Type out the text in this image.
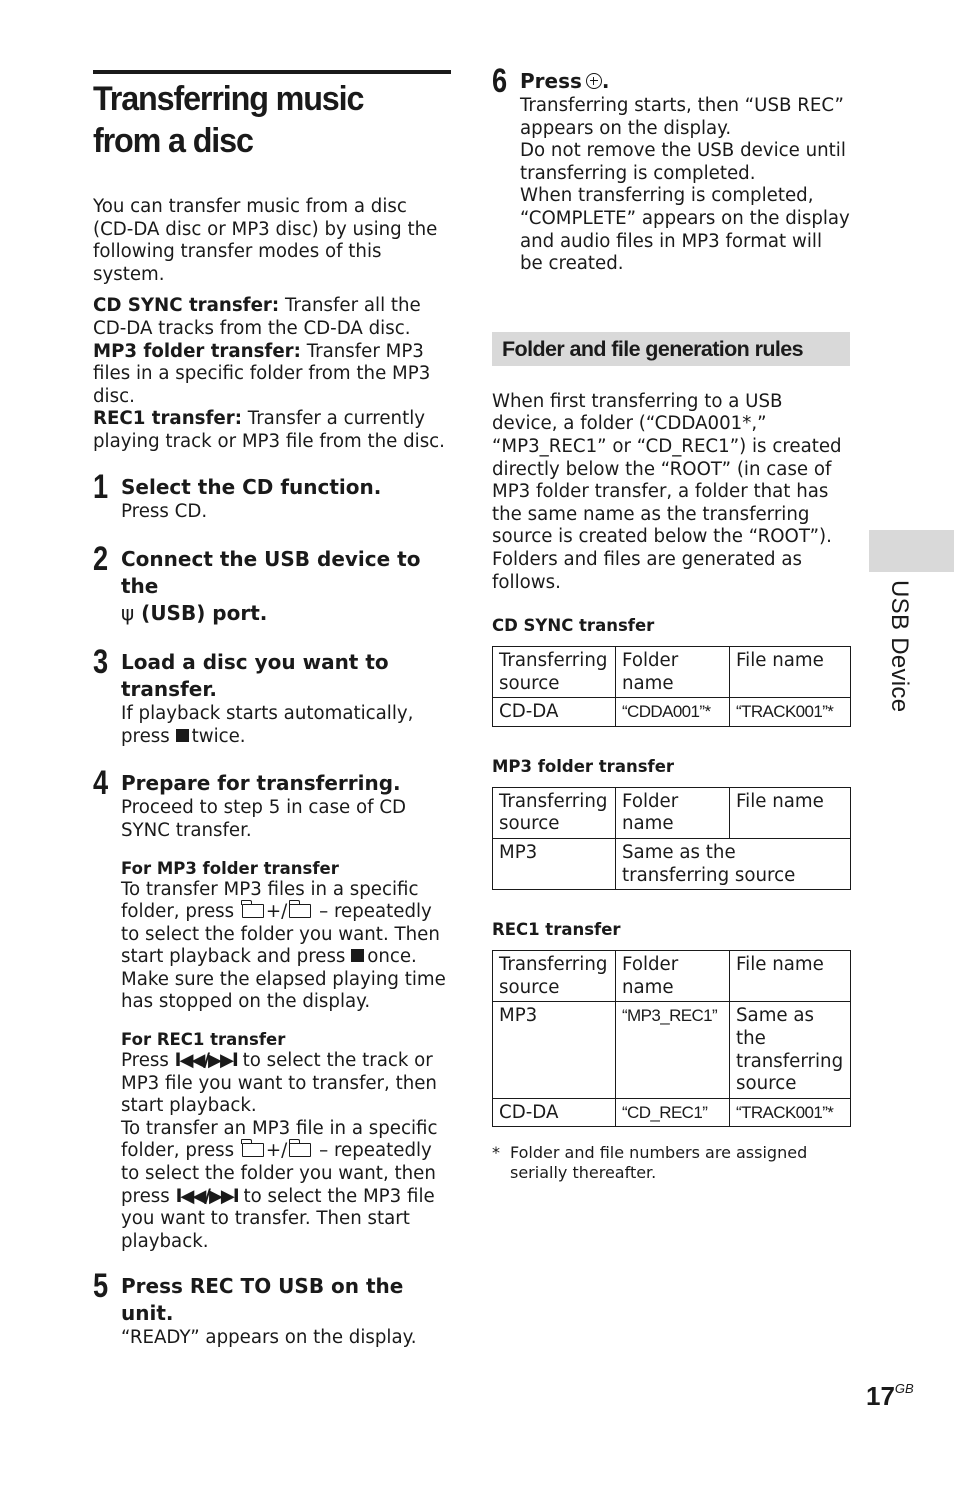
Transferring music from a disc

You can transfer music from a disc (CD-DA disc or MP3 disc) by using the following transfer modes of this system.

CD SYNC transfer: Transfer all the CD-DA tracks from the CD-DA disc.
MP3 folder transfer: Transfer MP3 files in a specific folder from the MP3 disc.
REC1 transfer: Transfer a currently playing track or MP3 file from the disc.

1 Select the CD function.

Press CD.

2 Connect the USB device to the
ψ (USB) port.

3 Load a disc you want to transfer.

If playback starts automatically, press twice.

4 Prepare for transferring.

Proceed to step 5 in case of CD SYNC transfer.

For MP3 folder transfer

To transfer MP3 files in a specific folder, press +/ – repeatedly to select the folder you want. Then start playback and press once.
Make sure the elapsed playing time has stopped on the display.

For REC1 transfer

Press I◀◀/▶▶I to select the track or MP3 file you want to transfer, then start playback.
To transfer an MP3 file in a specific folder, press +/ – repeatedly to select the folder you want, then press I◀◀/▶▶I to select the MP3 file you want to transfer. Then start playback.

5 Press REC TO USB on the unit.

“READY” appears on the display.

6 Press .

Transferring starts, then “USB REC” appears on the display.

Do not remove the USB device until transferring is completed.

When transferring is completed, “COMPLETE” appears on the display and audio files in MP3 format will be created.

Folder and file generation rules

When first transferring to a USB device, a folder (“CDDA001*,” “MP3_REC1” or “CD_REC1”) is created directly below the “ROOT” (in case of MP3 folder transfer, a folder that has the same name as the transferring source is created below the “ROOT”).

Folders and files are generated as follows.

CD SYNC transfer

Transferring source	Folder name	File name
CD-DA	“CDDA001”*	“TRACK001”*

MP3 folder transfer

Transferring source	Folder name	File name
MP3	Same as the transferring source	

REC1 transfer

Transferring source	Folder name	File name
MP3	“MP3_REC1”	Same as the transferring source
CD-DA	“CD_REC1”	“TRACK001”*
* Folder and file numbers are assigned serially thereafter.
USB Device
$17^{GB}$
